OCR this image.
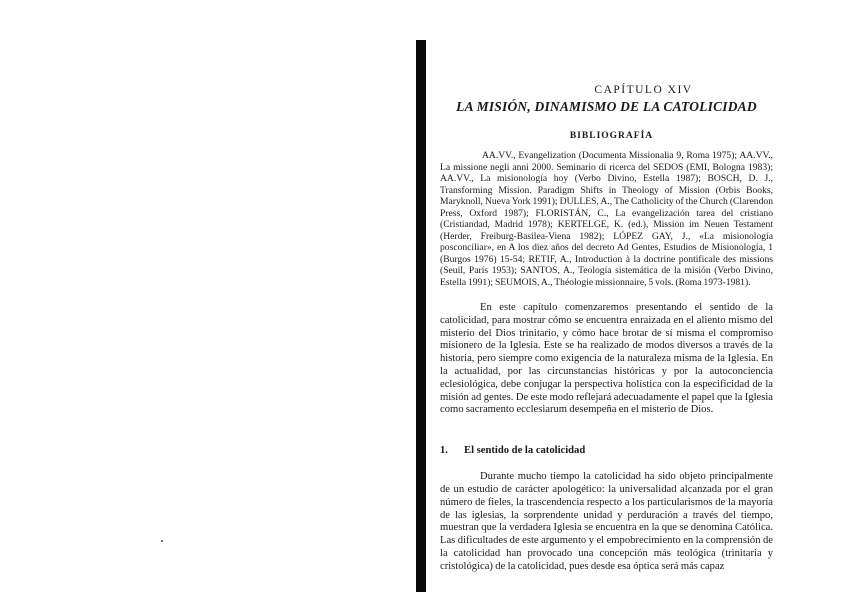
CAPÍTULO XIV
LA MISIÓN, DINAMISMO DE LA CATOLICIDAD
BIBLIOGRAFÍA

AA.VV., Evangelization (Documenta Missionalia 9, Roma 1975); AA.VV., La missione negli anni 2000. Seminario di ricerca del SEDOS (EMI, Bologna 1983); AA.VV., La misionología hoy (Verbo Divino, Estella 1987); BOSCH, D. J., Transforming Mission. Paradigm Shifts in Theology of Mission (Orbis Books, Maryknoll, Nueva York 1991); DULLES, A., The Catholicity of the Church (Clarendon Press, Oxford 1987); FLORISTÁN, C., La evangelización tarea del cristiano (Cristiandad, Madrid 1978); KERTELGE, K. (ed.), Mission im Neuen Testament (Herder, Freiburg-Basilea-Viena 1982); LÓPEZ GAY, J., «La misionología posconciliar», en A los diez años del decreto Ad Gentes, Estudios de Misionología, 1 (Burgos 1976) 15-54; RETIF, A., Introduction à la doctrine pontificale des missions (Seuil, París 1953); SANTOS, A., Teología sistemática de la misión (Verbo Divino, Estella 1991); SEUMOIS, A., Théologie missionnaire, 5 vols. (Roma 1973-1981).

En este capítulo comenzaremos presentando el sentido de la catolicidad, para mostrar cómo se encuentra enraizada en el aliento mismo del misterio del Dios trinitario, y cómo hace brotar de sí misma el compromiso misionero de la Iglesia. Este se ha realizado de modos diversos a través de la historia, pero siempre como exigencia de la naturaleza misma de la Iglesia. En la actualidad, por las circunstancias históricas y por la autoconciencia eclesiológica, debe conjugar la perspectiva holística con la especificidad de la misión ad gentes. De este modo reflejará adecuadamente el papel que la Iglesia como sacramento ecclesiarum desempeña en el misterio de Dios.

1. El sentido de la catolicidad

Durante mucho tiempo la catolicidad ha sido objeto principalmente de un estudio de carácter apologético: la universalidad alcanzada por el gran número de fieles, la trascendencia respecto a los particularismos de la mayoría de las iglesias, la sorprendente unidad y perduración a través del tiempo, muestran que la verdadera Iglesia se encuentra en la que se denomina Católica. Las dificultades de este argumento y el empobrecimiento en la comprensión de la catolicidad han provocado una concepción más teológica (trinitaria y cristológica) de la catolicidad, pues desde esa óptica será más capaz
